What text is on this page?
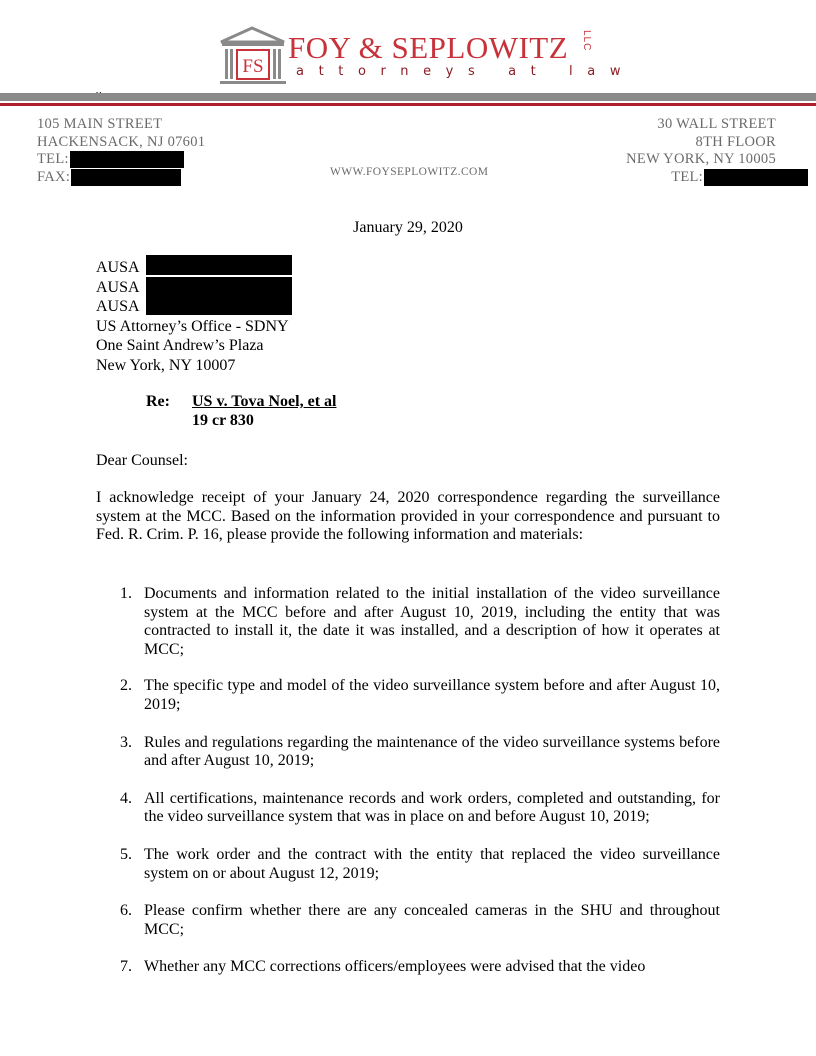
FS
FOY & SEPLOWITZ	LLC
attorneys at law
105 MAIN STREET
HACKENSACK, NJ 07601
TEL:
FAX:	WWW.FOYSEPLOWITZ.COM
30 WALL STREET
8TH FLOOR
NEW YORK, NY 10005
TEL:
January 29, 2020
AUSA
AUSA
AUSA
US Attorney’s Office - SDNY
One Saint Andrew’s Plaza
New York, NY 10007
Re: US v. Tova Noel, et al
19 cr 830
Dear Counsel:
I acknowledge receipt of your January 24, 2020 correspondence regarding the surveillance system at the MCC. Based on the information provided in your correspondence and pursuant to Fed. R. Crim. P. 16, please provide the following information and materials:
1. Documents and information related to the initial installation of the video surveillance system at the MCC before and after August 10, 2019, including the entity that was contracted to install it, the date it was installed, and a description of how it operates at MCC;
2. The specific type and model of the video surveillance system before and after August 10, 2019;
3. Rules and regulations regarding the maintenance of the video surveillance systems before and after August 10, 2019;
4. All certifications, maintenance records and work orders, completed and outstanding, for the video surveillance system that was in place on and before August 10, 2019;
5. The work order and the contract with the entity that replaced the video surveillance system on or about August 12, 2019;
6. Please confirm whether there are any concealed cameras in the SHU and throughout MCC;
7. Whether any MCC corrections officers/employees were advised that the video
